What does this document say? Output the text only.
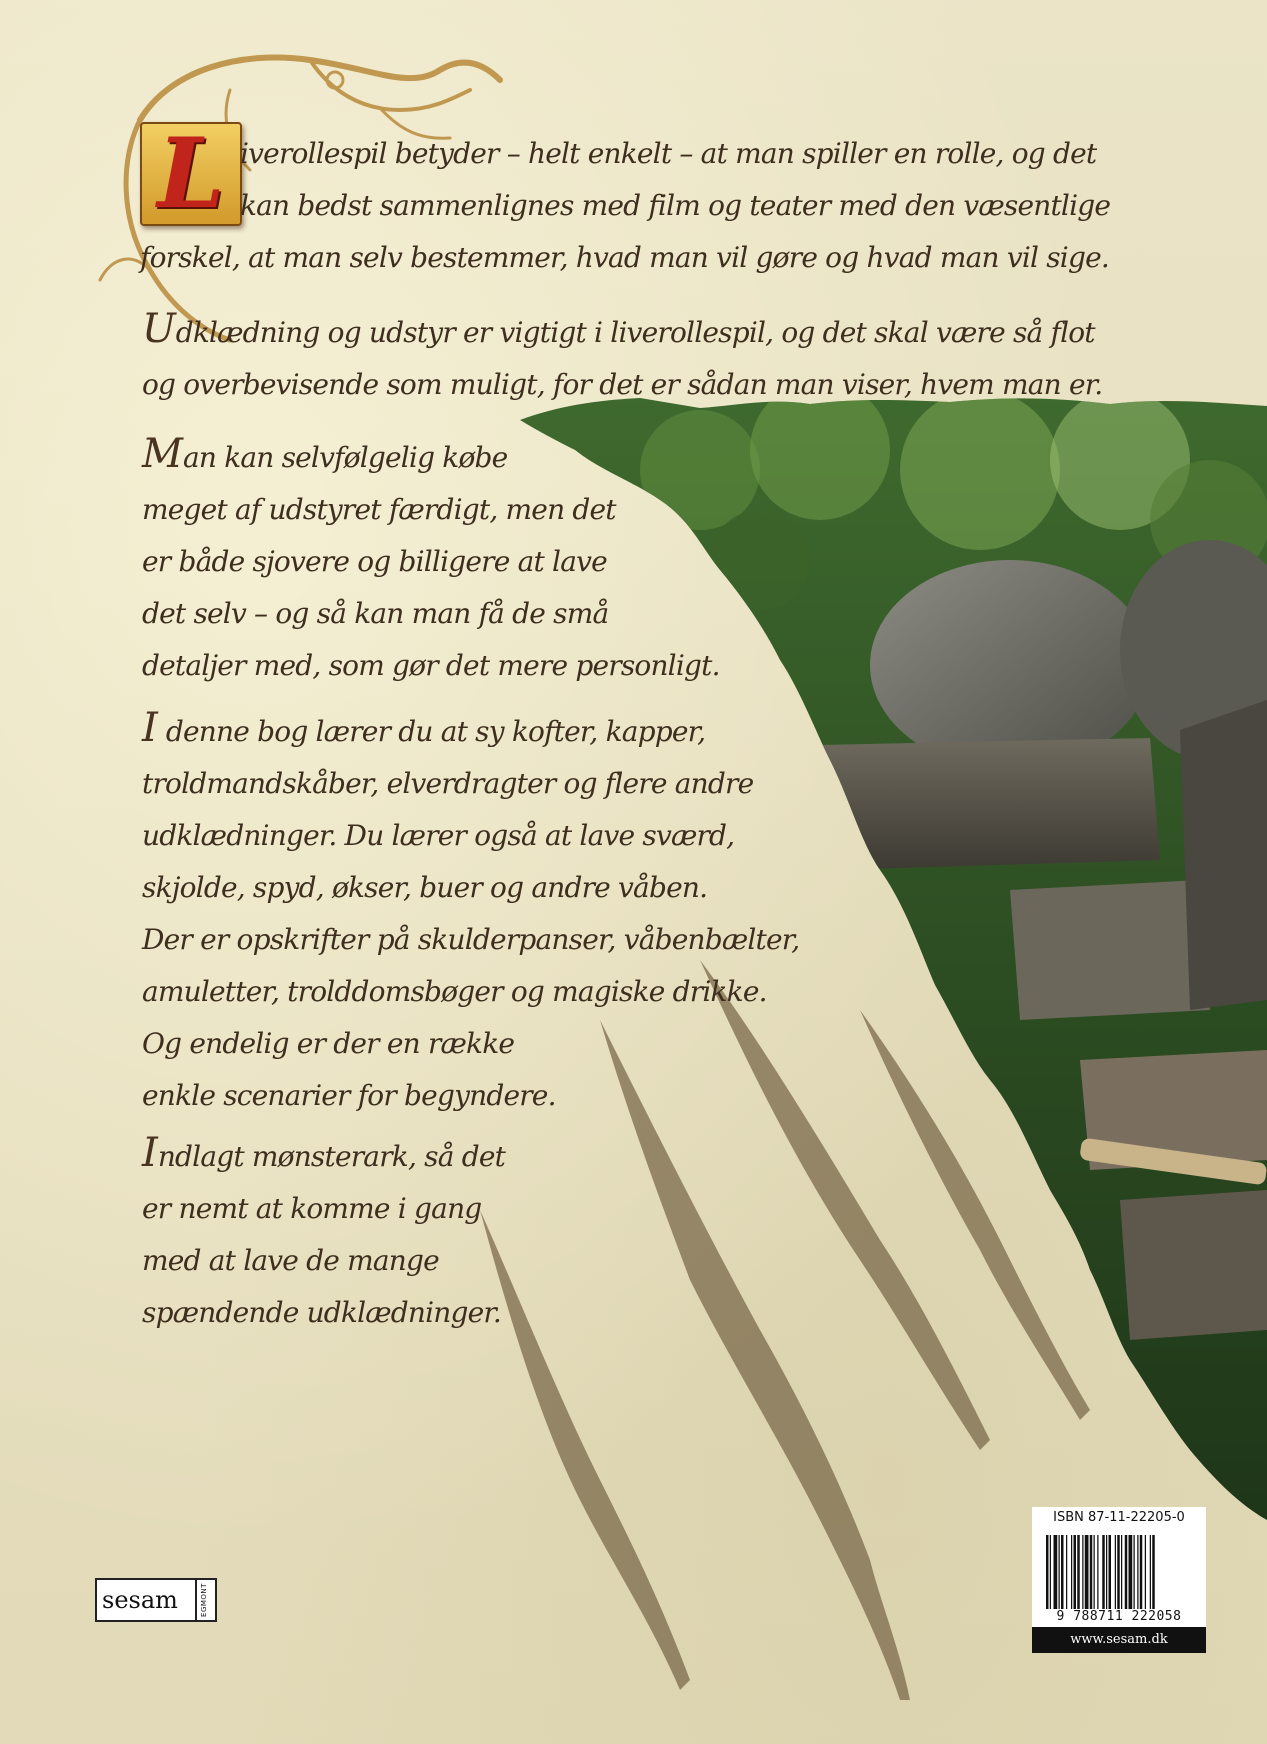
L iverollespil betyder – helt enkelt – at man spiller en rolle, og det
kan bedst sammenlignes med film og teater med den væsentlige
forskel, at man selv bestemmer, hvad man vil gøre og hvad man vil sige.

Udklædning og udstyr er vigtigt i liverollespil, og det skal være så flot
og overbevisende som muligt, for det er sådan man viser, hvem man er.

Man kan selvfølgelig købe
meget af udstyret færdigt, men det
er både sjovere og billigere at lave
det selv – og så kan man få de små
detaljer med, som gør det mere personligt.

I denne bog lærer du at sy kofter, kapper,
troldmandskåber, elverdragter og flere andre
udklædninger. Du lærer også at lave sværd,
skjolde, spyd, økser, buer og andre våben.
Der er opskrifter på skulderpanser, våbenbælter,
amuletter, trolddomsbøger og magiske drikke.
Og endelig er der en række
enkle scenarier for begyndere.

Indlagt mønsterark, så det
er nemt at komme i gang
med at lave de mange
spændende udklædninger.

sesam	EGMONT
ISBN 87-11-22205-0
9 788711 222058
www.sesam.dk
